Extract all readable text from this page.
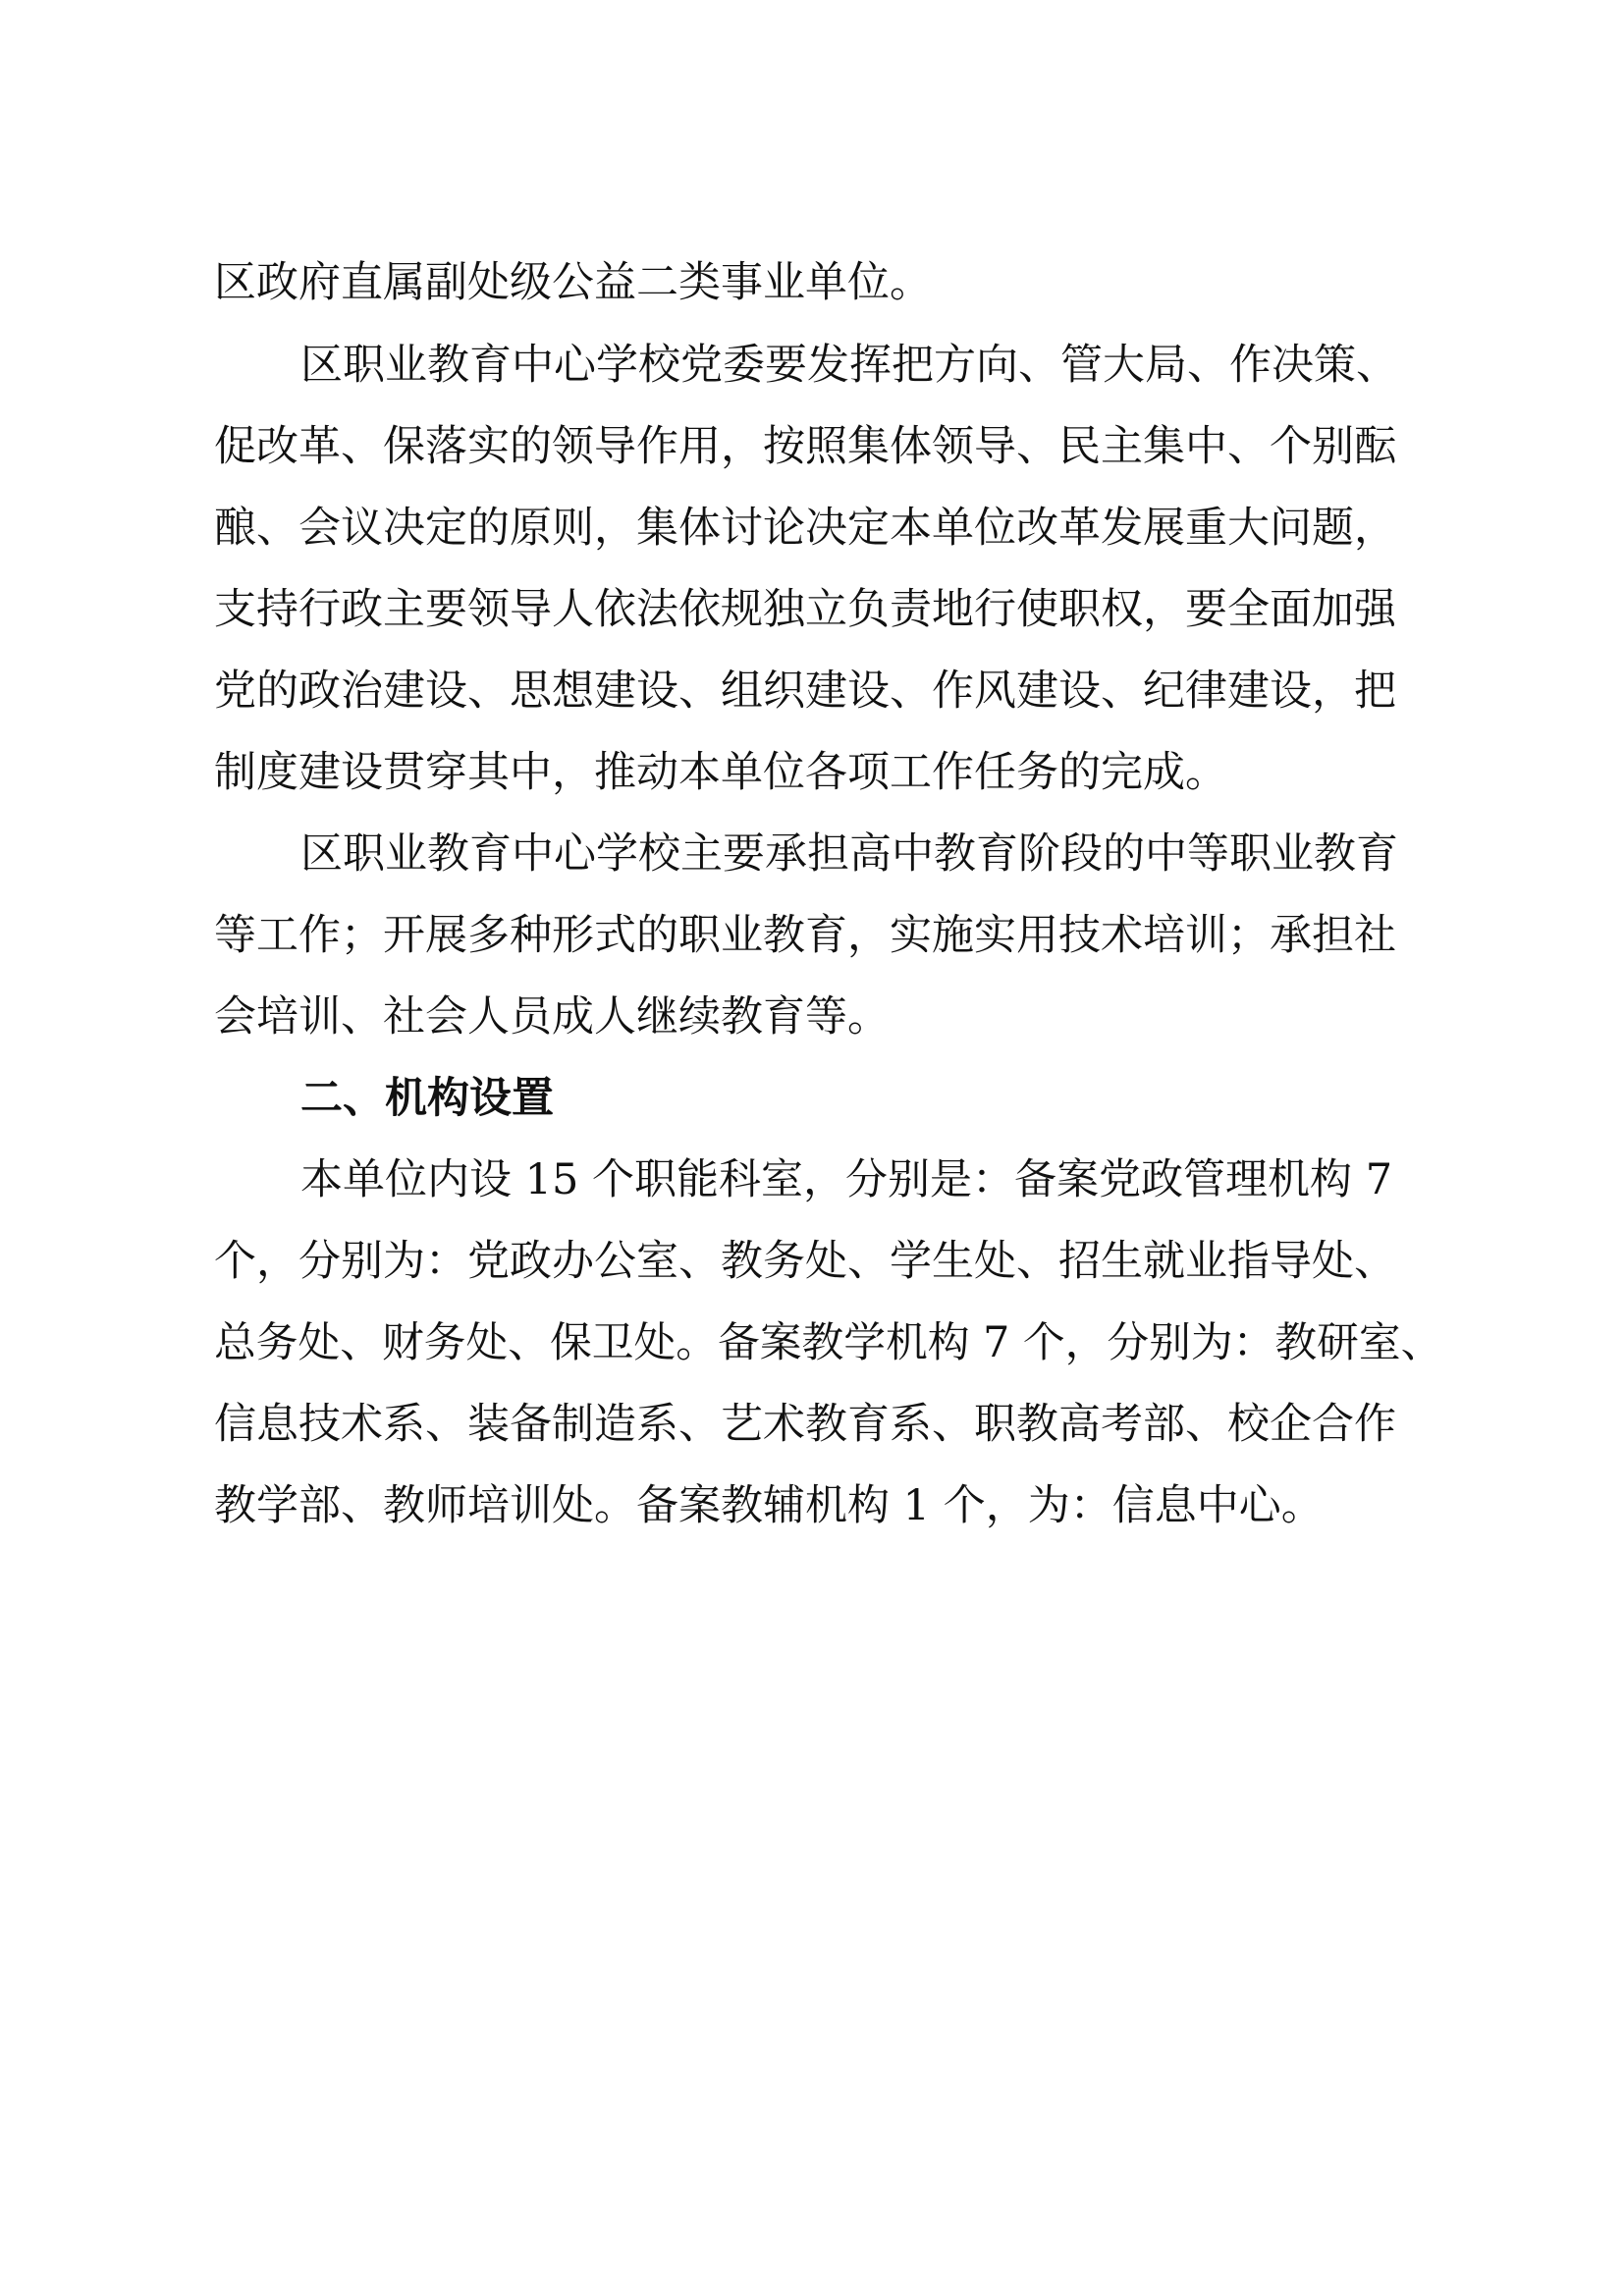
区政府直属副处级公益二类事业单位。
区职业教育中心学校党委要发挥把方向、管大局、作决策、
促改革、保落实的领导作用，按照集体领导、民主集中、个别酝
酿、会议决定的原则，集体讨论决定本单位改革发展重大问题，
支持行政主要领导人依法依规独立负责地行使职权，要全面加强
党的政治建设、思想建设、组织建设、作风建设、纪律建设，把
制度建设贯穿其中，推动本单位各项工作任务的完成。
区职业教育中心学校主要承担高中教育阶段的中等职业教育
等工作；开展多种形式的职业教育，实施实用技术培训；承担社
会培训、社会人员成人继续教育等。
二、机构设置
本单位内设 15 个职能科室，分别是：备案党政管理机构 7
个，分别为：党政办公室、教务处、学生处、招生就业指导处、
总务处、财务处、保卫处。备案教学机构 7 个，分别为：教研室、
信息技术系、装备制造系、艺术教育系、职教高考部、校企合作
教学部、教师培训处。备案教辅机构 1 个，为：信息中心。
